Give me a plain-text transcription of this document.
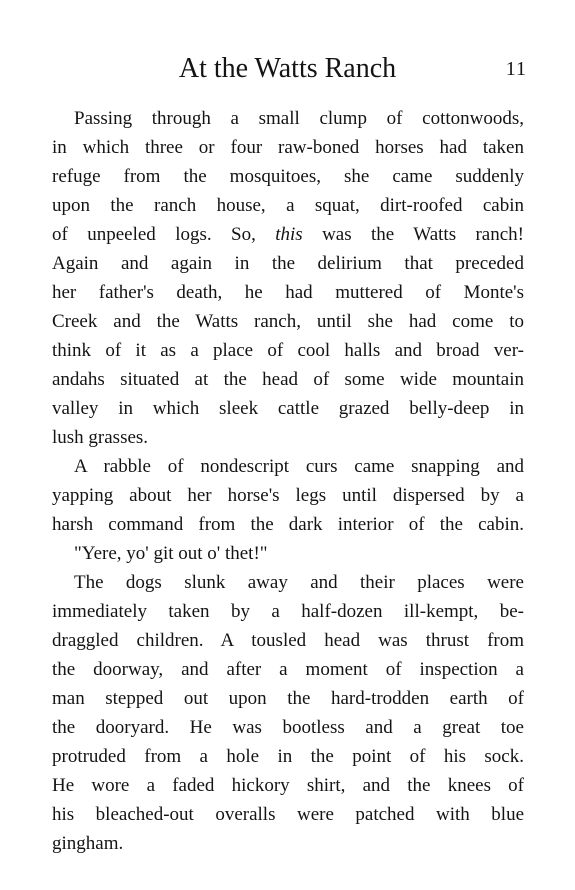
At the Watts Ranch	11
Passing through a small clump of cottonwoods,
in which three or four raw-boned horses had taken
refuge from the mosquitoes, she came suddenly
upon the ranch house, a squat, dirt-roofed cabin
of unpeeled logs. So, this was the Watts ranch!
Again and again in the delirium that preceded
her father's death, he had muttered of Monte's
Creek and the Watts ranch, until she had come to
think of it as a place of cool halls and broad ver-
andahs situated at the head of some wide mountain
valley in which sleek cattle grazed belly-deep in
lush grasses.
A rabble of nondescript curs came snapping and
yapping about her horse's legs until dispersed by a
harsh command from the dark interior of the cabin.
"Yere, yo' git out o' thet!"
The dogs slunk away and their places were
immediately taken by a half-dozen ill-kempt, be-
draggled children. A tousled head was thrust from
the doorway, and after a moment of inspection a
man stepped out upon the hard-trodden earth of
the dooryard. He was bootless and a great toe
protruded from a hole in the point of his sock.
He wore a faded hickory shirt, and the knees of
his bleached-out overalls were patched with blue
gingham.
